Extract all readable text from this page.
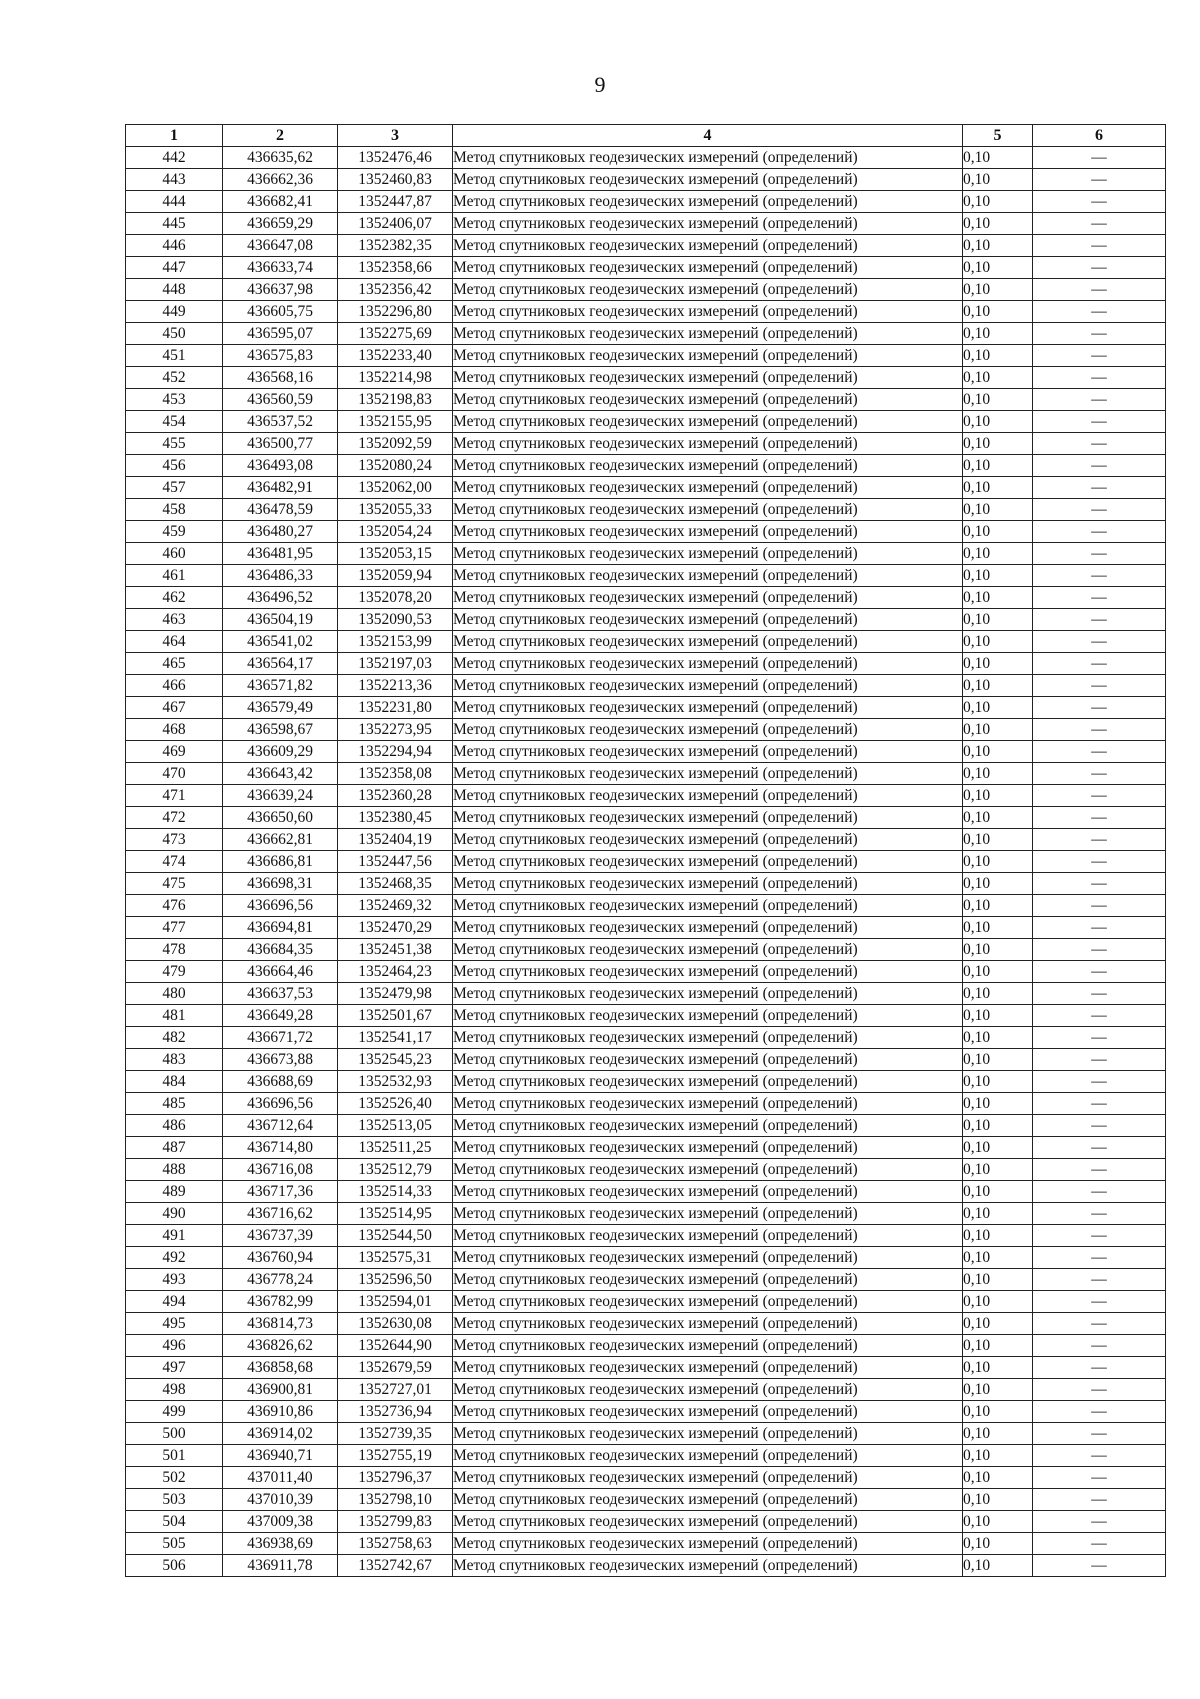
9
1	2	3	4	5	6
442	436635,62	1352476,46	Метод спутниковых геодезических измерений (определений)	0,10	—
443	436662,36	1352460,83	Метод спутниковых геодезических измерений (определений)	0,10	—
444	436682,41	1352447,87	Метод спутниковых геодезических измерений (определений)	0,10	—
445	436659,29	1352406,07	Метод спутниковых геодезических измерений (определений)	0,10	—
446	436647,08	1352382,35	Метод спутниковых геодезических измерений (определений)	0,10	—
447	436633,74	1352358,66	Метод спутниковых геодезических измерений (определений)	0,10	—
448	436637,98	1352356,42	Метод спутниковых геодезических измерений (определений)	0,10	—
449	436605,75	1352296,80	Метод спутниковых геодезических измерений (определений)	0,10	—
450	436595,07	1352275,69	Метод спутниковых геодезических измерений (определений)	0,10	—
451	436575,83	1352233,40	Метод спутниковых геодезических измерений (определений)	0,10	—
452	436568,16	1352214,98	Метод спутниковых геодезических измерений (определений)	0,10	—
453	436560,59	1352198,83	Метод спутниковых геодезических измерений (определений)	0,10	—
454	436537,52	1352155,95	Метод спутниковых геодезических измерений (определений)	0,10	—
455	436500,77	1352092,59	Метод спутниковых геодезических измерений (определений)	0,10	—
456	436493,08	1352080,24	Метод спутниковых геодезических измерений (определений)	0,10	—
457	436482,91	1352062,00	Метод спутниковых геодезических измерений (определений)	0,10	—
458	436478,59	1352055,33	Метод спутниковых геодезических измерений (определений)	0,10	—
459	436480,27	1352054,24	Метод спутниковых геодезических измерений (определений)	0,10	—
460	436481,95	1352053,15	Метод спутниковых геодезических измерений (определений)	0,10	—
461	436486,33	1352059,94	Метод спутниковых геодезических измерений (определений)	0,10	—
462	436496,52	1352078,20	Метод спутниковых геодезических измерений (определений)	0,10	—
463	436504,19	1352090,53	Метод спутниковых геодезических измерений (определений)	0,10	—
464	436541,02	1352153,99	Метод спутниковых геодезических измерений (определений)	0,10	—
465	436564,17	1352197,03	Метод спутниковых геодезических измерений (определений)	0,10	—
466	436571,82	1352213,36	Метод спутниковых геодезических измерений (определений)	0,10	—
467	436579,49	1352231,80	Метод спутниковых геодезических измерений (определений)	0,10	—
468	436598,67	1352273,95	Метод спутниковых геодезических измерений (определений)	0,10	—
469	436609,29	1352294,94	Метод спутниковых геодезических измерений (определений)	0,10	—
470	436643,42	1352358,08	Метод спутниковых геодезических измерений (определений)	0,10	—
471	436639,24	1352360,28	Метод спутниковых геодезических измерений (определений)	0,10	—
472	436650,60	1352380,45	Метод спутниковых геодезических измерений (определений)	0,10	—
473	436662,81	1352404,19	Метод спутниковых геодезических измерений (определений)	0,10	—
474	436686,81	1352447,56	Метод спутниковых геодезических измерений (определений)	0,10	—
475	436698,31	1352468,35	Метод спутниковых геодезических измерений (определений)	0,10	—
476	436696,56	1352469,32	Метод спутниковых геодезических измерений (определений)	0,10	—
477	436694,81	1352470,29	Метод спутниковых геодезических измерений (определений)	0,10	—
478	436684,35	1352451,38	Метод спутниковых геодезических измерений (определений)	0,10	—
479	436664,46	1352464,23	Метод спутниковых геодезических измерений (определений)	0,10	—
480	436637,53	1352479,98	Метод спутниковых геодезических измерений (определений)	0,10	—
481	436649,28	1352501,67	Метод спутниковых геодезических измерений (определений)	0,10	—
482	436671,72	1352541,17	Метод спутниковых геодезических измерений (определений)	0,10	—
483	436673,88	1352545,23	Метод спутниковых геодезических измерений (определений)	0,10	—
484	436688,69	1352532,93	Метод спутниковых геодезических измерений (определений)	0,10	—
485	436696,56	1352526,40	Метод спутниковых геодезических измерений (определений)	0,10	—
486	436712,64	1352513,05	Метод спутниковых геодезических измерений (определений)	0,10	—
487	436714,80	1352511,25	Метод спутниковых геодезических измерений (определений)	0,10	—
488	436716,08	1352512,79	Метод спутниковых геодезических измерений (определений)	0,10	—
489	436717,36	1352514,33	Метод спутниковых геодезических измерений (определений)	0,10	—
490	436716,62	1352514,95	Метод спутниковых геодезических измерений (определений)	0,10	—
491	436737,39	1352544,50	Метод спутниковых геодезических измерений (определений)	0,10	—
492	436760,94	1352575,31	Метод спутниковых геодезических измерений (определений)	0,10	—
493	436778,24	1352596,50	Метод спутниковых геодезических измерений (определений)	0,10	—
494	436782,99	1352594,01	Метод спутниковых геодезических измерений (определений)	0,10	—
495	436814,73	1352630,08	Метод спутниковых геодезических измерений (определений)	0,10	—
496	436826,62	1352644,90	Метод спутниковых геодезических измерений (определений)	0,10	—
497	436858,68	1352679,59	Метод спутниковых геодезических измерений (определений)	0,10	—
498	436900,81	1352727,01	Метод спутниковых геодезических измерений (определений)	0,10	—
499	436910,86	1352736,94	Метод спутниковых геодезических измерений (определений)	0,10	—
500	436914,02	1352739,35	Метод спутниковых геодезических измерений (определений)	0,10	—
501	436940,71	1352755,19	Метод спутниковых геодезических измерений (определений)	0,10	—
502	437011,40	1352796,37	Метод спутниковых геодезических измерений (определений)	0,10	—
503	437010,39	1352798,10	Метод спутниковых геодезических измерений (определений)	0,10	—
504	437009,38	1352799,83	Метод спутниковых геодезических измерений (определений)	0,10	—
505	436938,69	1352758,63	Метод спутниковых геодезических измерений (определений)	0,10	—
506	436911,78	1352742,67	Метод спутниковых геодезических измерений (определений)	0,10	—
